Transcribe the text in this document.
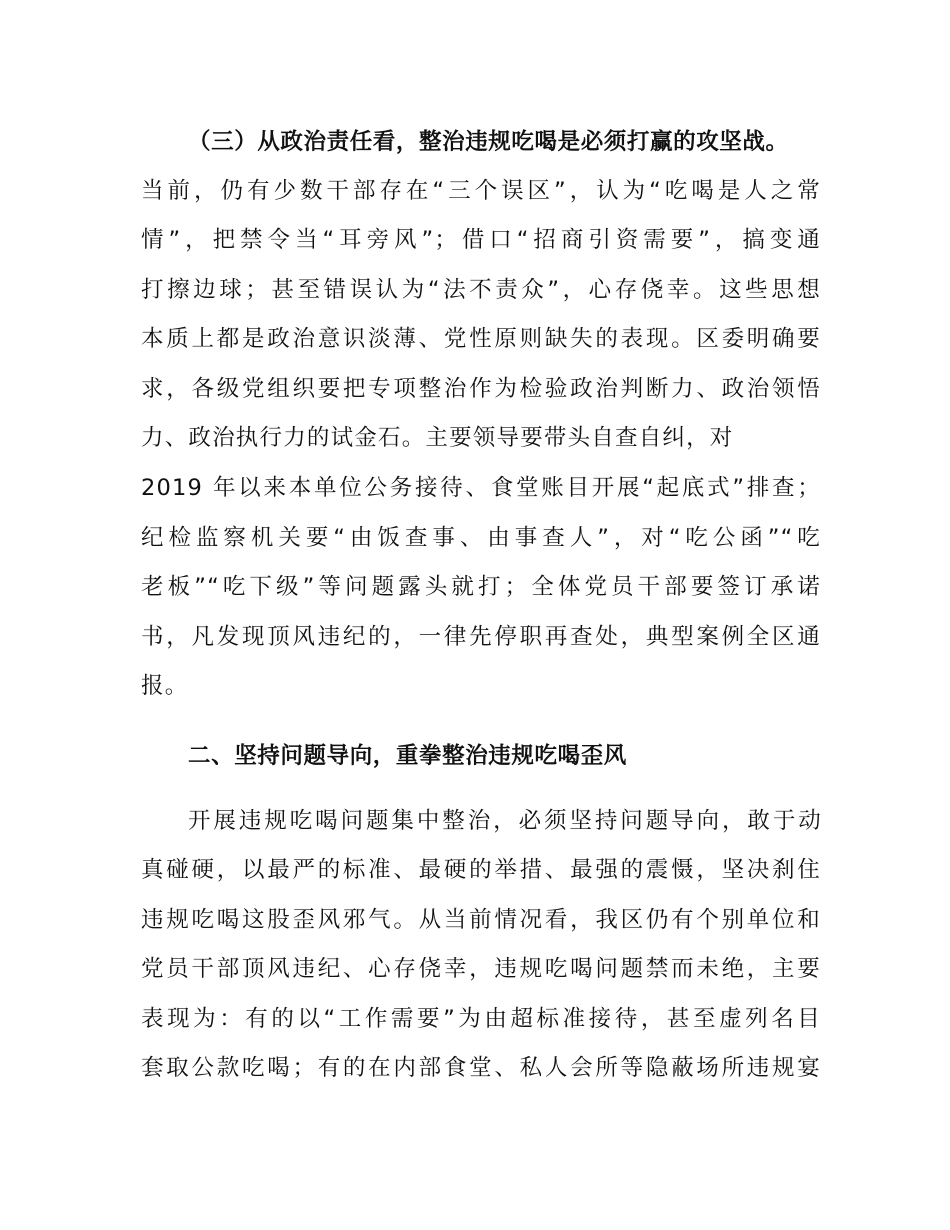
（三）从政治责任看，整治违规吃喝是必须打赢的攻坚战。
当前，仍有少数干部存在“三个误区”，认为“吃喝是人之常
情”，把禁令当“耳旁风”；借口“招商引资需要”，搞变通
打擦边球；甚至错误认为“法不责众”，心存侥幸。这些思想
本质上都是政治意识淡薄、党性原则缺失的表现。区委明确要
求，各级党组织要把专项整治作为检验政治判断力、政治领悟
力、政治执行力的试金石。主要领导要带头自查自纠，对
2019 年以来本单位公务接待、食堂账目开展“起底式”排查；
纪检监察机关要“由饭查事、由事查人”，对“吃公函”“吃
老板”“吃下级”等问题露头就打；全体党员干部要签订承诺
书，凡发现顶风违纪的，一律先停职再查处，典型案例全区通
报。
二、坚持问题导向，重拳整治违规吃喝歪风
开展违规吃喝问题集中整治，必须坚持问题导向，敢于动
真碰硬，以最严的标准、最硬的举措、最强的震慑，坚决刹住
违规吃喝这股歪风邪气。从当前情况看，我区仍有个别单位和
党员干部顶风违纪、心存侥幸，违规吃喝问题禁而未绝，主要
表现为：有的以“工作需要”为由超标准接待，甚至虚列名目
套取公款吃喝；有的在内部食堂、私人会所等隐蔽场所违规宴
